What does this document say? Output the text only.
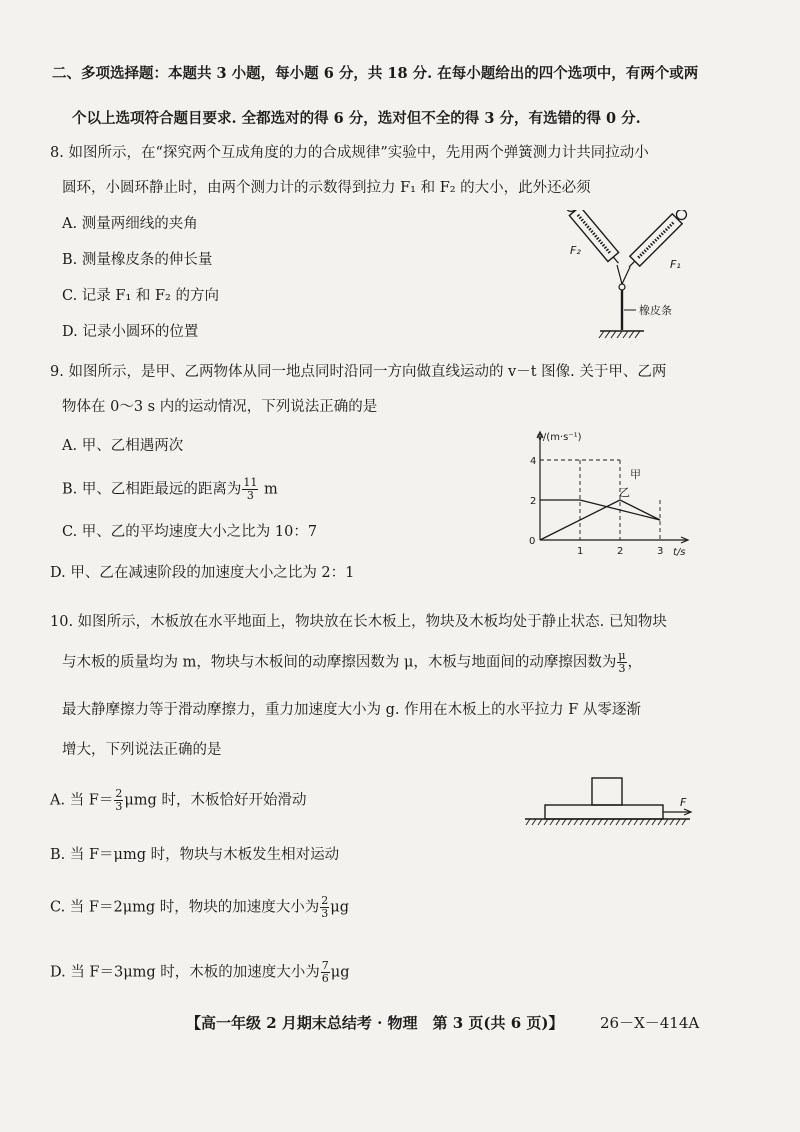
二、多项选择题：本题共 3 小题，每小题 6 分，共 18 分. 在每小题给出的四个选项中，有两个或两
个以上选项符合题目要求. 全都选对的得 6 分，选对但不全的得 3 分，有选错的得 0 分.
8. 如图所示，在“探究两个互成角度的力的合成规律”实验中，先用两个弹簧测力计共同拉动小
圆环，小圆环静止时，由两个测力计的示数得到拉力 F₁ 和 F₂ 的大小，此外还必须
A. 测量两细线的夹角
B. 测量橡皮条的伸长量
C. 记录 F₁ 和 F₂ 的方向
D. 记录小圆环的位置
F₂
F₁
橡皮条
9. 如图所示，是甲、乙两物体从同一地点同时沿同一方向做直线运动的 v－t 图像. 关于甲、乙两
物体在 0～3 s 内的运动情况，下列说法正确的是
A. 甲、乙相遇两次
B. 甲、乙相距最远的距离为 $\frac{11}{3}$ m
C. 甲、乙的平均速度大小之比为 10：7
D. 甲、乙在减速阶段的加速度大小之比为 2：1
v/(m·s⁻¹)
t/s
0
2
4
1	2	3
甲
乙
10. 如图所示，木板放在水平地面上，物块放在长木板上，物块及木板均处于静止状态. 已知物块
与木板的质量均为 m，物块与木板间的动摩擦因数为 μ，木板与地面间的动摩擦因数为 $\frac{\mu}{3}$ ，
最大静摩擦力等于滑动摩擦力，重力加速度大小为 g. 作用在木板上的水平拉力 F 从零逐渐
增大，下列说法正确的是
A. 当 $F= \frac{2}{3}$ μmg 时，木板恰好开始滑动
B. 当 F＝μmg 时，物块与木板发生相对运动
C. 当 F＝2μmg 时，物块的加速度大小为 $\frac{2}{3}$ μg
D. 当 F＝3μmg 时，木板的加速度大小为 $\frac{7}{6}$ μg
F
【高一年级 2 月期末总结考 · 物理　第 3 页(共 6 页)】 26－X－414A
